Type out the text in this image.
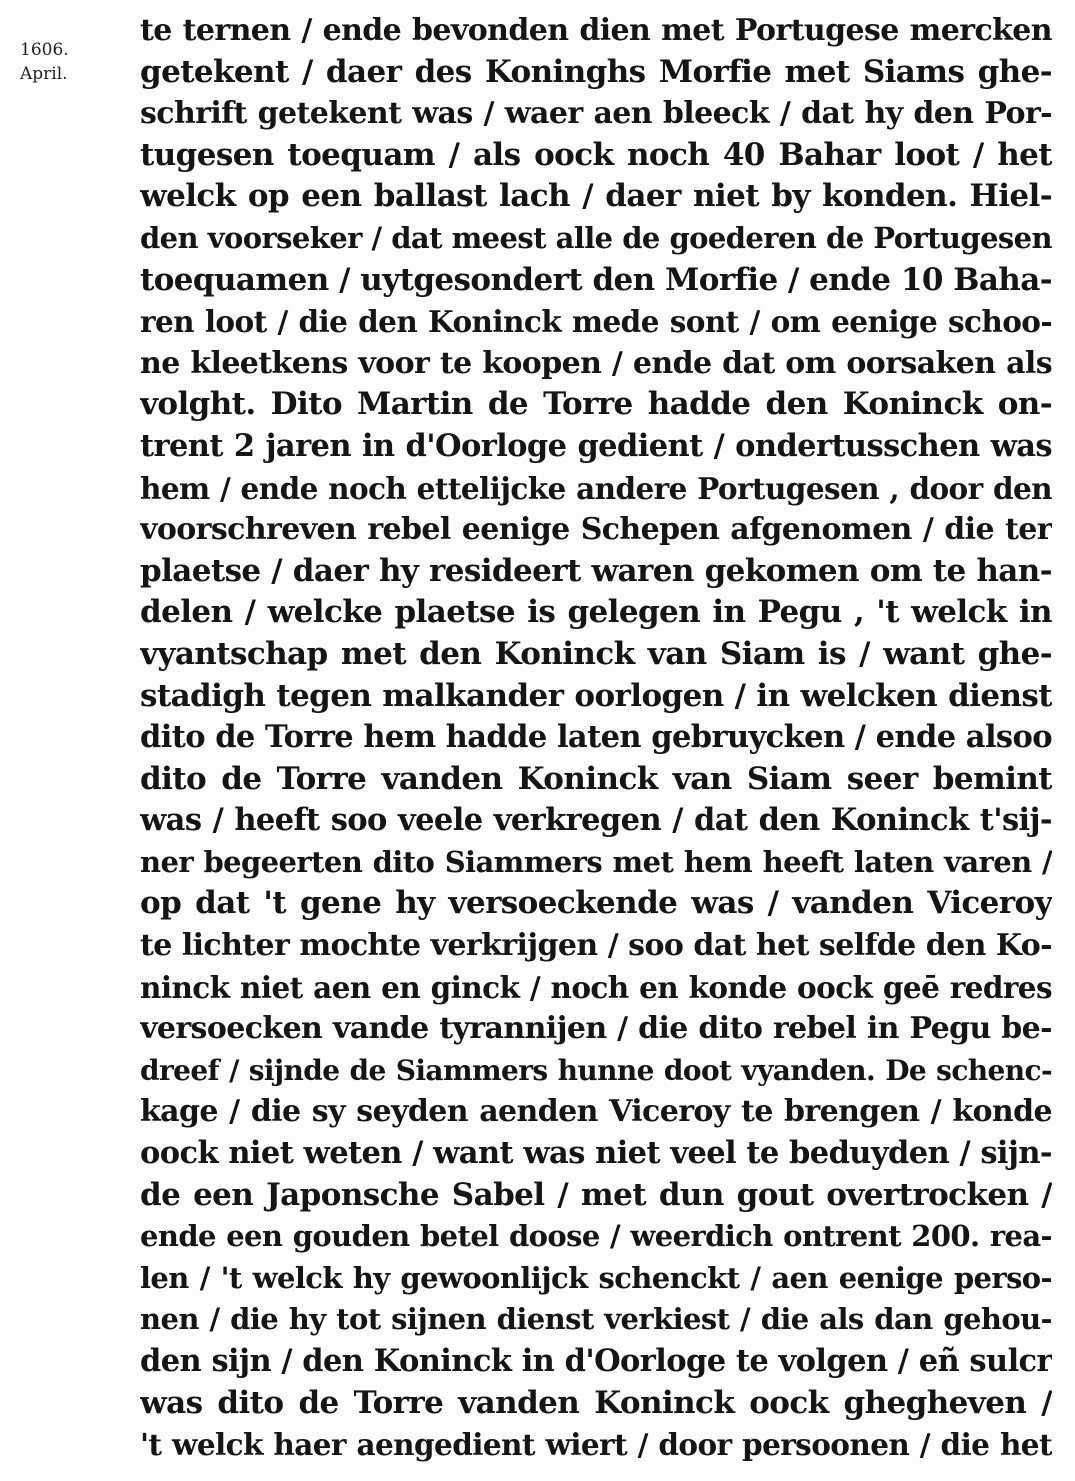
1606.
April.
te ternen / ende bevonden dien met Portugese mercken
getekent / daer des Koninghs Morfie met Siams ghe-
schrift getekent was / waer aen bleeck / dat hy den Por-
tugesen toequam / als oock noch 40 Bahar loot / het
welck op een ballast lach / daer niet by konden. Hiel-
den voorseker / dat meest alle de goederen de Portugesen
toequamen / uytgesondert den Morfie / ende 10 Baha-
ren loot / die den Koninck mede sont / om eenige schoo-
ne kleetkens voor te koopen / ende dat om oorsaken als
volght. Dito Martin de Torre hadde den Koninck on-
trent 2 jaren in d'Oorloge gedient / ondertusschen was
hem / ende noch ettelijcke andere Portugesen , door den
voorschreven rebel eenige Schepen afgenomen / die ter
plaetse / daer hy resideert waren gekomen om te han-
delen / welcke plaetse is gelegen in Pegu , 't welck in
vyantschap met den Koninck van Siam is / want ghe-
stadigh tegen malkander oorlogen / in welcken dienst
dito de Torre hem hadde laten gebruycken / ende alsoo
dito de Torre vanden Koninck van Siam seer bemint
was / heeft soo veele verkregen / dat den Koninck t'sij-
ner begeerten dito Siammers met hem heeft laten varen /
op dat 't gene hy versoeckende was / vanden Viceroy
te lichter mochte verkrijgen / soo dat het selfde den Ko-
ninck niet aen en ginck / noch en konde oock geē redres
versoecken vande tyrannijen / die dito rebel in Pegu be-
dreef / sijnde de Siammers hunne doot vyanden. De schenc-
kage / die sy seyden aenden Viceroy te brengen / konde
oock niet weten / want was niet veel te beduyden / sijn-
de een Japonsche Sabel / met dun gout overtrocken /
ende een gouden betel doose / weerdich ontrent 200. rea-
len / 't welck hy gewoonlijck schenckt / aen eenige perso-
nen / die hy tot sijnen dienst verkiest / die als dan gehou-
den sijn / den Koninck in d'Oorloge te volgen / eñ sulcr
was dito de Torre vanden Koninck oock ghegheven /
't welck haer aengedient wiert / door persoonen / die het
